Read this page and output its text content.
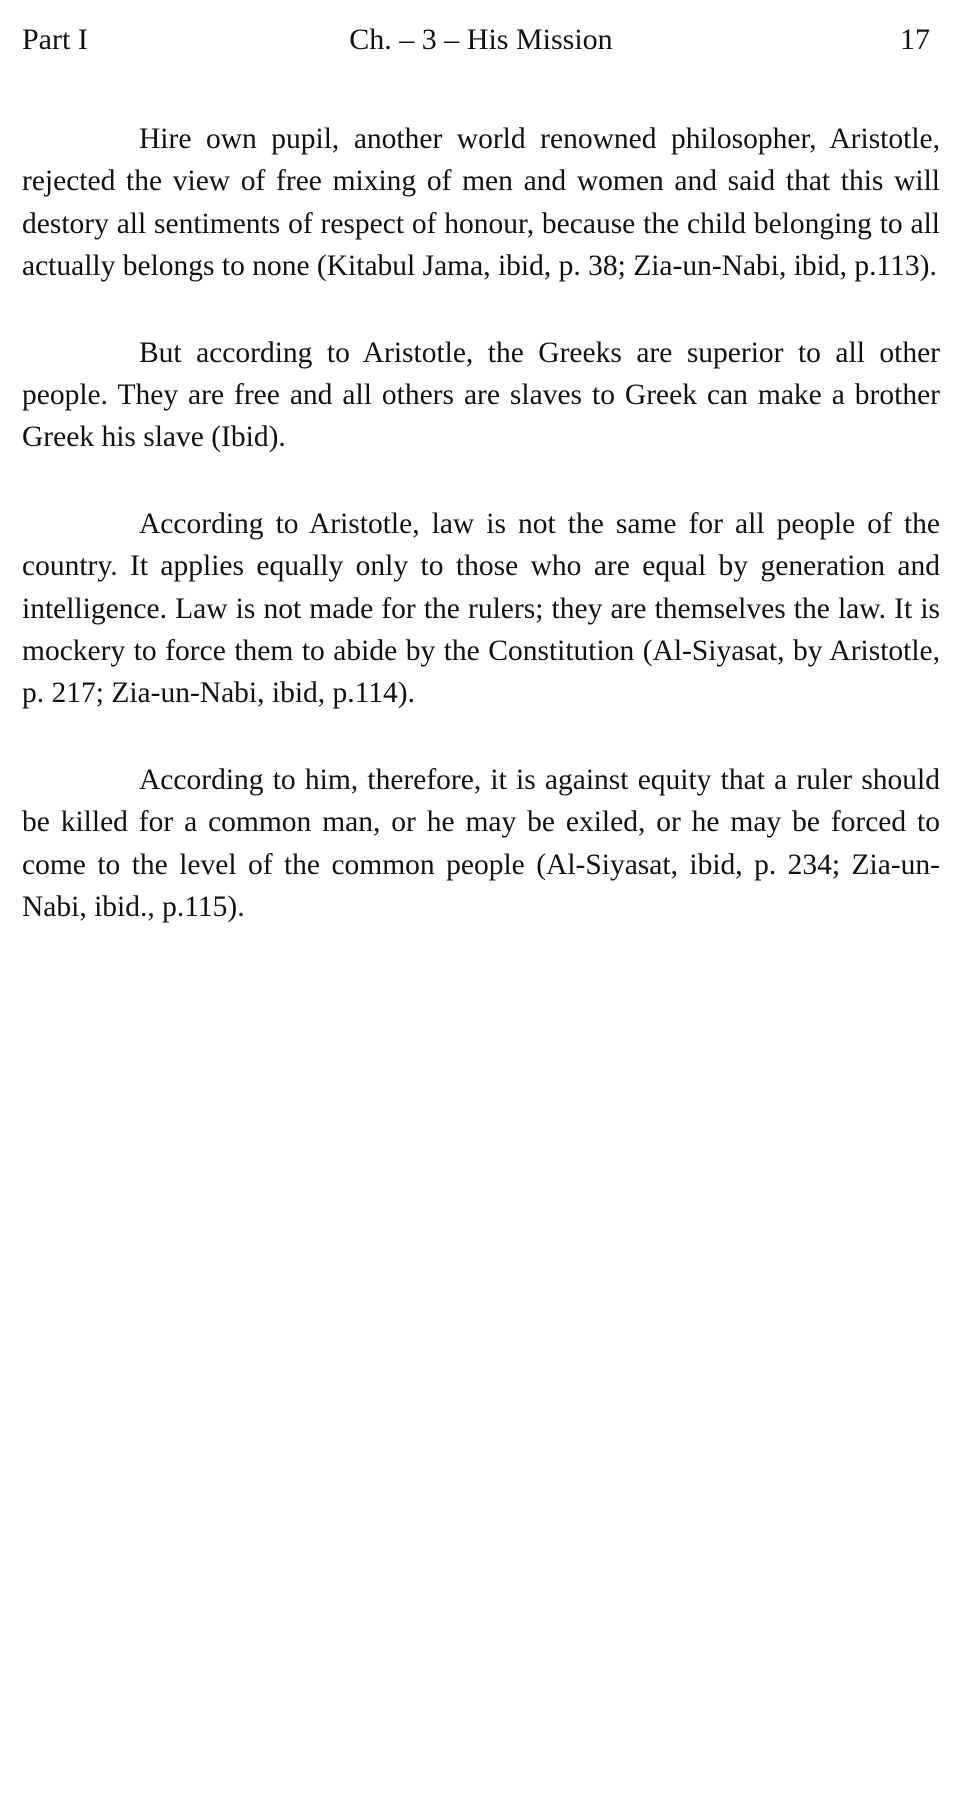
Part I	Ch. – 3 – His Mission	17

Hire own pupil, another world renowned philosopher, Aristotle, rejected the view of free mixing of men and women and said that this will destory all sentiments of respect of honour, because the child belonging to all actually belongs to none (Kitabul Jama, ibid, p. 38; Zia-un-Nabi, ibid, p.113).

But according to Aristotle, the Greeks are superior to all other people. They are free and all others are slaves to Greek can make a brother Greek his slave (Ibid).

According to Aristotle, law is not the same for all people of the country. It applies equally only to those who are equal by generation and intelligence. Law is not made for the rulers; they are themselves the law. It is mockery to force them to abide by the Constitution (Al-Siyasat, by Aristotle, p. 217; Zia-un-Nabi, ibid, p.114).

According to him, therefore, it is against equity that a ruler should be killed for a common man, or he may be exiled, or he may be forced to come to the level of the common people (Al-Siyasat, ibid, p. 234; Zia-un-Nabi, ibid., p.115).
